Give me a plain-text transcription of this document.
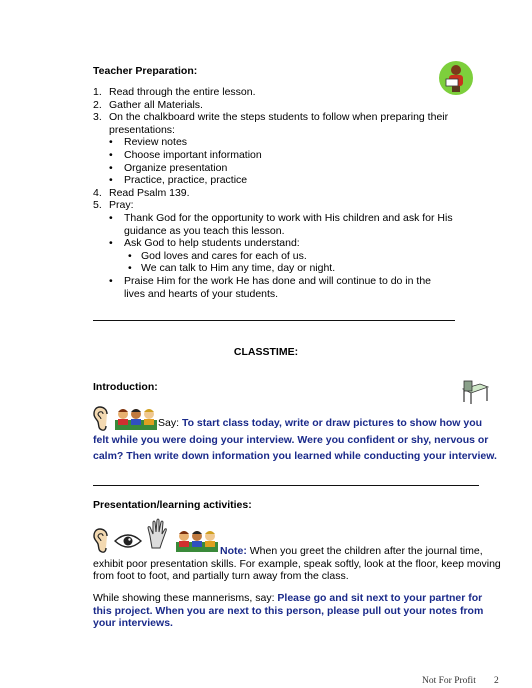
Teacher Preparation:
1. Read through the entire lesson.
2. Gather all Materials.
3. On the chalkboard write the steps students to follow when preparing their
presentations:
• Review notes
• Choose important information
• Organize presentation
• Practice, practice, practice
4. Read Psalm 139.
5. Pray:
• Thank God for the opportunity to work with His children and ask for His
guidance as you teach this lesson.
• Ask God to help students understand:
• God loves and cares for each of us.
• We can talk to Him any time, day or night.
• Praise Him for the work He has done and will continue to do in the
lives and hearts of your students.
CLASSTIME:
Introduction:
Say: To start class today, write or draw pictures to show how you
felt while you were doing your interview. Were you confident or shy, nervous or
calm? Then write down information you learned while conducting your interview.
Presentation/learning activities:
Note: When you greet the children after the journal time,
exhibit poor presentation skills. For example, speak softly, look at the floor, keep moving
from foot to foot, and partially turn away from the class.
While showing these mannerisms, say: Please go and sit next to your partner for
this project. When you are next to this person, please pull out your notes from
your interviews.
Not For Profit 2
